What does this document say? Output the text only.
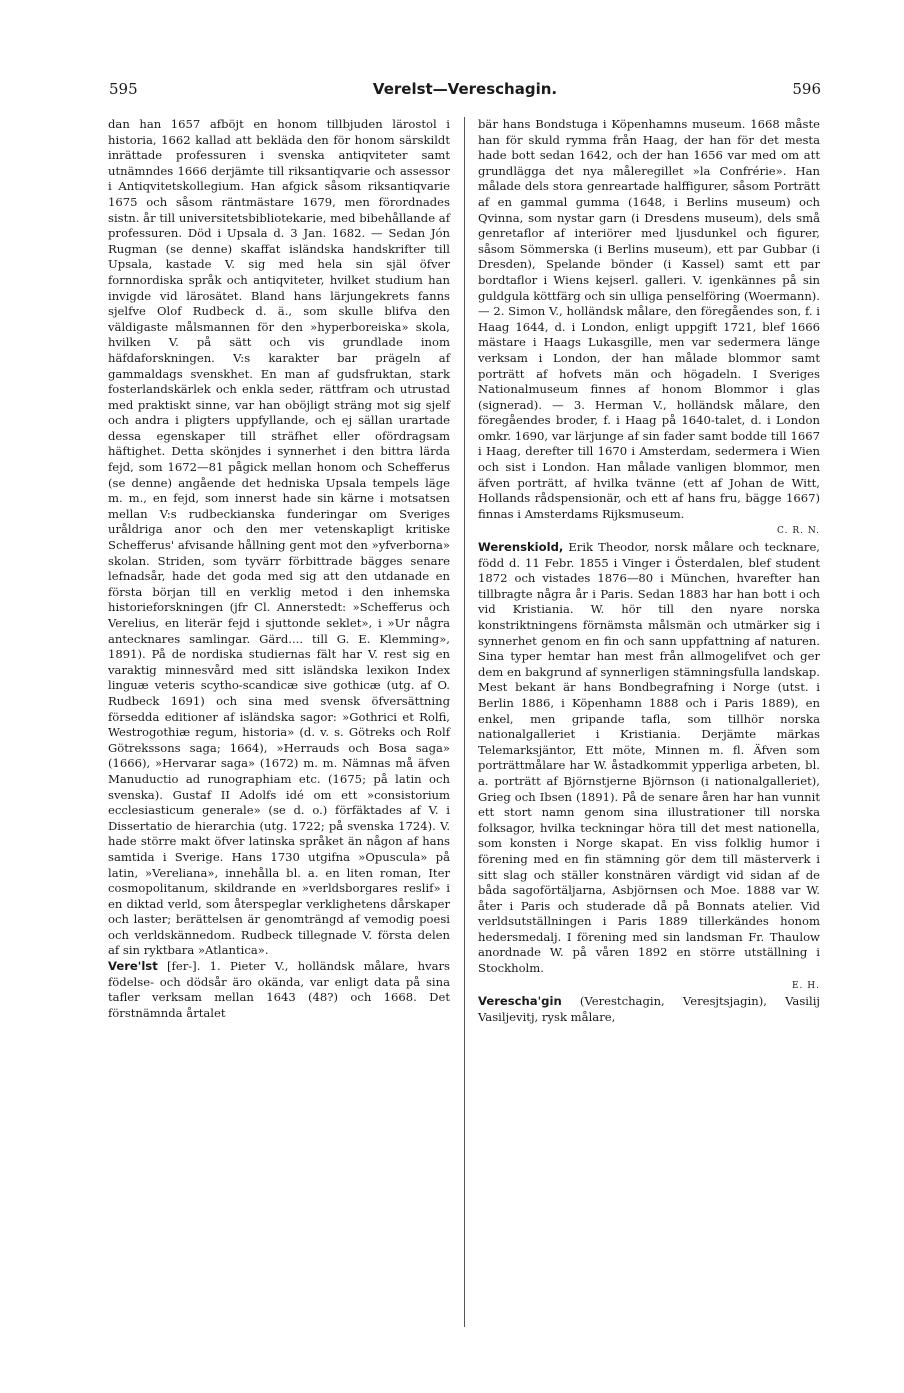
595	Verelst—Vereschagin.	596

dan han 1657 afböjt en honom tillbjuden lärostol i historia, 1662 kallad att bekläda den för honom särskildt inrättade professuren i svenska antiqviteter samt utnämndes 1666 derjämte till riksantiqvarie och assessor i Antiqvitetskollegium. Han afgick såsom riksantiqvarie 1675 och såsom räntmästare 1679, men förordnades sistn. år till universitetsbibliotekarie, med bibehållande af professuren. Död i Upsala d. 3 Jan. 1682. — Sedan Jón Rugman (se denne) skaffat isländska handskrifter till Upsala, kastade V. sig med hela sin själ öfver fornnordiska språk och antiqviteter, hvilket studium han invigde vid lärosätet. Bland hans lärjungekrets fanns sjelfve Olof Rudbeck d. ä., som skulle blifva den väldigaste målsmannen för den »hyperboreiska» skola, hvilken V. på sätt och vis grundlade inom häfdaforskningen. V:s karakter bar prägeln af gammaldags svenskhet. En man af gudsfruktan, stark fosterlandskärlek och enkla seder, rättfram och utrustad med praktiskt sinne, var han oböjligt sträng mot sig sjelf och andra i pligters uppfyllande, och ej sällan urartade dessa egenskaper till sträfhet eller ofördragsam häftighet. Detta skönjdes i synnerhet i den bittra lärda fejd, som 1672—81 pågick mellan honom och Schefferus (se denne) angående det hedniska Upsala tempels läge m. m., en fejd, som innerst hade sin kärne i motsatsen mellan V:s rudbeckianska funderingar om Sveriges uråldriga anor och den mer vetenskapligt kritiske Schefferus' afvisande hållning gent mot den »yfverborna» skolan. Striden, som tyvärr förbittrade bägges senare lefnadsår, hade det goda med sig att den utdanade en första början till en verklig metod i den inhemska historieforskningen (jfr Cl. Annerstedt: »Schefferus och Verelius, en literär fejd i sjuttonde seklet», i »Ur några antecknares samlingar. Gärd.... till G. E. Klemming», 1891). På de nordiska studiernas fält har V. rest sig en varaktig minnesvård med sitt isländska lexikon Index linguæ veteris scytho-scandicæ sive gothicæ (utg. af O. Rudbeck 1691) och sina med svensk öfversättning försedda editioner af isländska sagor: »Gothrici et Rolfi, Westrogothiæ regum, historia» (d. v. s. Götreks och Rolf Götrekssons saga; 1664), »Herrauds och Bosa saga» (1666), »Hervarar saga» (1672) m. m. Nämnas må äfven Manuductio ad runographiam etc. (1675; på latin och svenska). Gustaf II Adolfs idé om ett »consistorium ecclesiasticum generale» (se d. o.) förfäktades af V. i Dissertatio de hierarchia (utg. 1722; på svenska 1724). V. hade större makt öfver latinska språket än någon af hans samtida i Sverige. Hans 1730 utgifna »Opuscula» på latin, »Vereliana», innehålla bl. a. en liten roman, Iter cosmopolitanum, skildrande en »verldsborgares reslif» i en diktad verld, som återspeglar verklighetens dårskaper och laster; berättelsen är genomträngd af vemodig poesi och verldskännedom. Rudbeck tillegnade V. första delen af sin ryktbara »Atlantica».

Vere'lst [fer-]. 1. Pieter V., holländsk målare, hvars födelse- och dödsår äro okända, var enligt data på sina tafler verksam mellan 1643 (48?) och 1668. Det förstnämnda årtalet

bär hans Bondstuga i Köpenhamns museum. 1668 måste han för skuld rymma från Haag, der han för det mesta hade bott sedan 1642, och der han 1656 var med om att grundlägga det nya måleregillet »la Confrérie». Han målade dels stora genreartade halffigurer, såsom Porträtt af en gammal gumma (1648, i Berlins museum) och Qvinna, som nystar garn (i Dresdens museum), dels små genretaflor af interiörer med ljusdunkel och figurer, såsom Sömmerska (i Berlins museum), ett par Gubbar (i Dresden), Spelande bönder (i Kassel) samt ett par bordtaflor i Wiens kejserl. galleri. V. igenkännes på sin guldgula köttfärg och sin ulliga penselföring (Woermann). — 2. Simon V., holländsk målare, den föregåendes son, f. i Haag 1644, d. i London, enligt uppgift 1721, blef 1666 mästare i Haags Lukasgille, men var sedermera länge verksam i London, der han målade blommor samt porträtt af hofvets män och högadeln. I Sveriges Nationalmuseum finnes af honom Blommor i glas (signerad). — 3. Herman V., holländsk målare, den föregåendes broder, f. i Haag på 1640-talet, d. i London omkr. 1690, var lärjunge af sin fader samt bodde till 1667 i Haag, derefter till 1670 i Amsterdam, sedermera i Wien och sist i London. Han målade vanligen blommor, men äfven porträtt, af hvilka tvänne (ett af Johan de Witt, Hollands rådspensionär, och ett af hans fru, bägge 1667) finnas i Amsterdams Rijksmuseum.

C. R. N.

Werenskiold, Erik Theodor, norsk målare och tecknare, född d. 11 Febr. 1855 i Vinger i Österdalen, blef student 1872 och vistades 1876—80 i München, hvarefter han tillbragte några år i Paris. Sedan 1883 har han bott i och vid Kristiania. W. hör till den nyare norska konstriktningens förnämsta målsmän och utmärker sig i synnerhet genom en fin och sann uppfattning af naturen. Sina typer hemtar han mest från allmogelifvet och ger dem en bakgrund af synnerligen stämningsfulla landskap. Mest bekant är hans Bondbegrafning i Norge (utst. i Berlin 1886, i Köpenhamn 1888 och i Paris 1889), en enkel, men gripande tafla, som tillhör norska nationalgalleriet i Kristiania. Derjämte märkas Telemarksjäntor, Ett möte, Minnen m. fl. Äfven som porträttmålare har W. åstadkommit ypperliga arbeten, bl. a. porträtt af Björnstjerne Björnson (i nationalgalleriet), Grieg och Ibsen (1891). På de senare åren har han vunnit ett stort namn genom sina illustrationer till norska folksagor, hvilka teckningar höra till det mest nationella, som konsten i Norge skapat. En viss folklig humor i förening med en fin stämning gör dem till mästerverk i sitt slag och ställer konstnären värdigt vid sidan af de båda sagoförtäljarna, Asbjörnsen och Moe. 1888 var W. åter i Paris och studerade då på Bonnats atelier. Vid verldsutställningen i Paris 1889 tillerkändes honom hedersmedalj. I förening med sin landsman Fr. Thaulow anordnade W. på våren 1892 en större utställning i Stockholm.

E. H.

Verescha'gin (Verestchagin, Veresjtsjagin), Vasilij Vasiljevitj, rysk målare,
